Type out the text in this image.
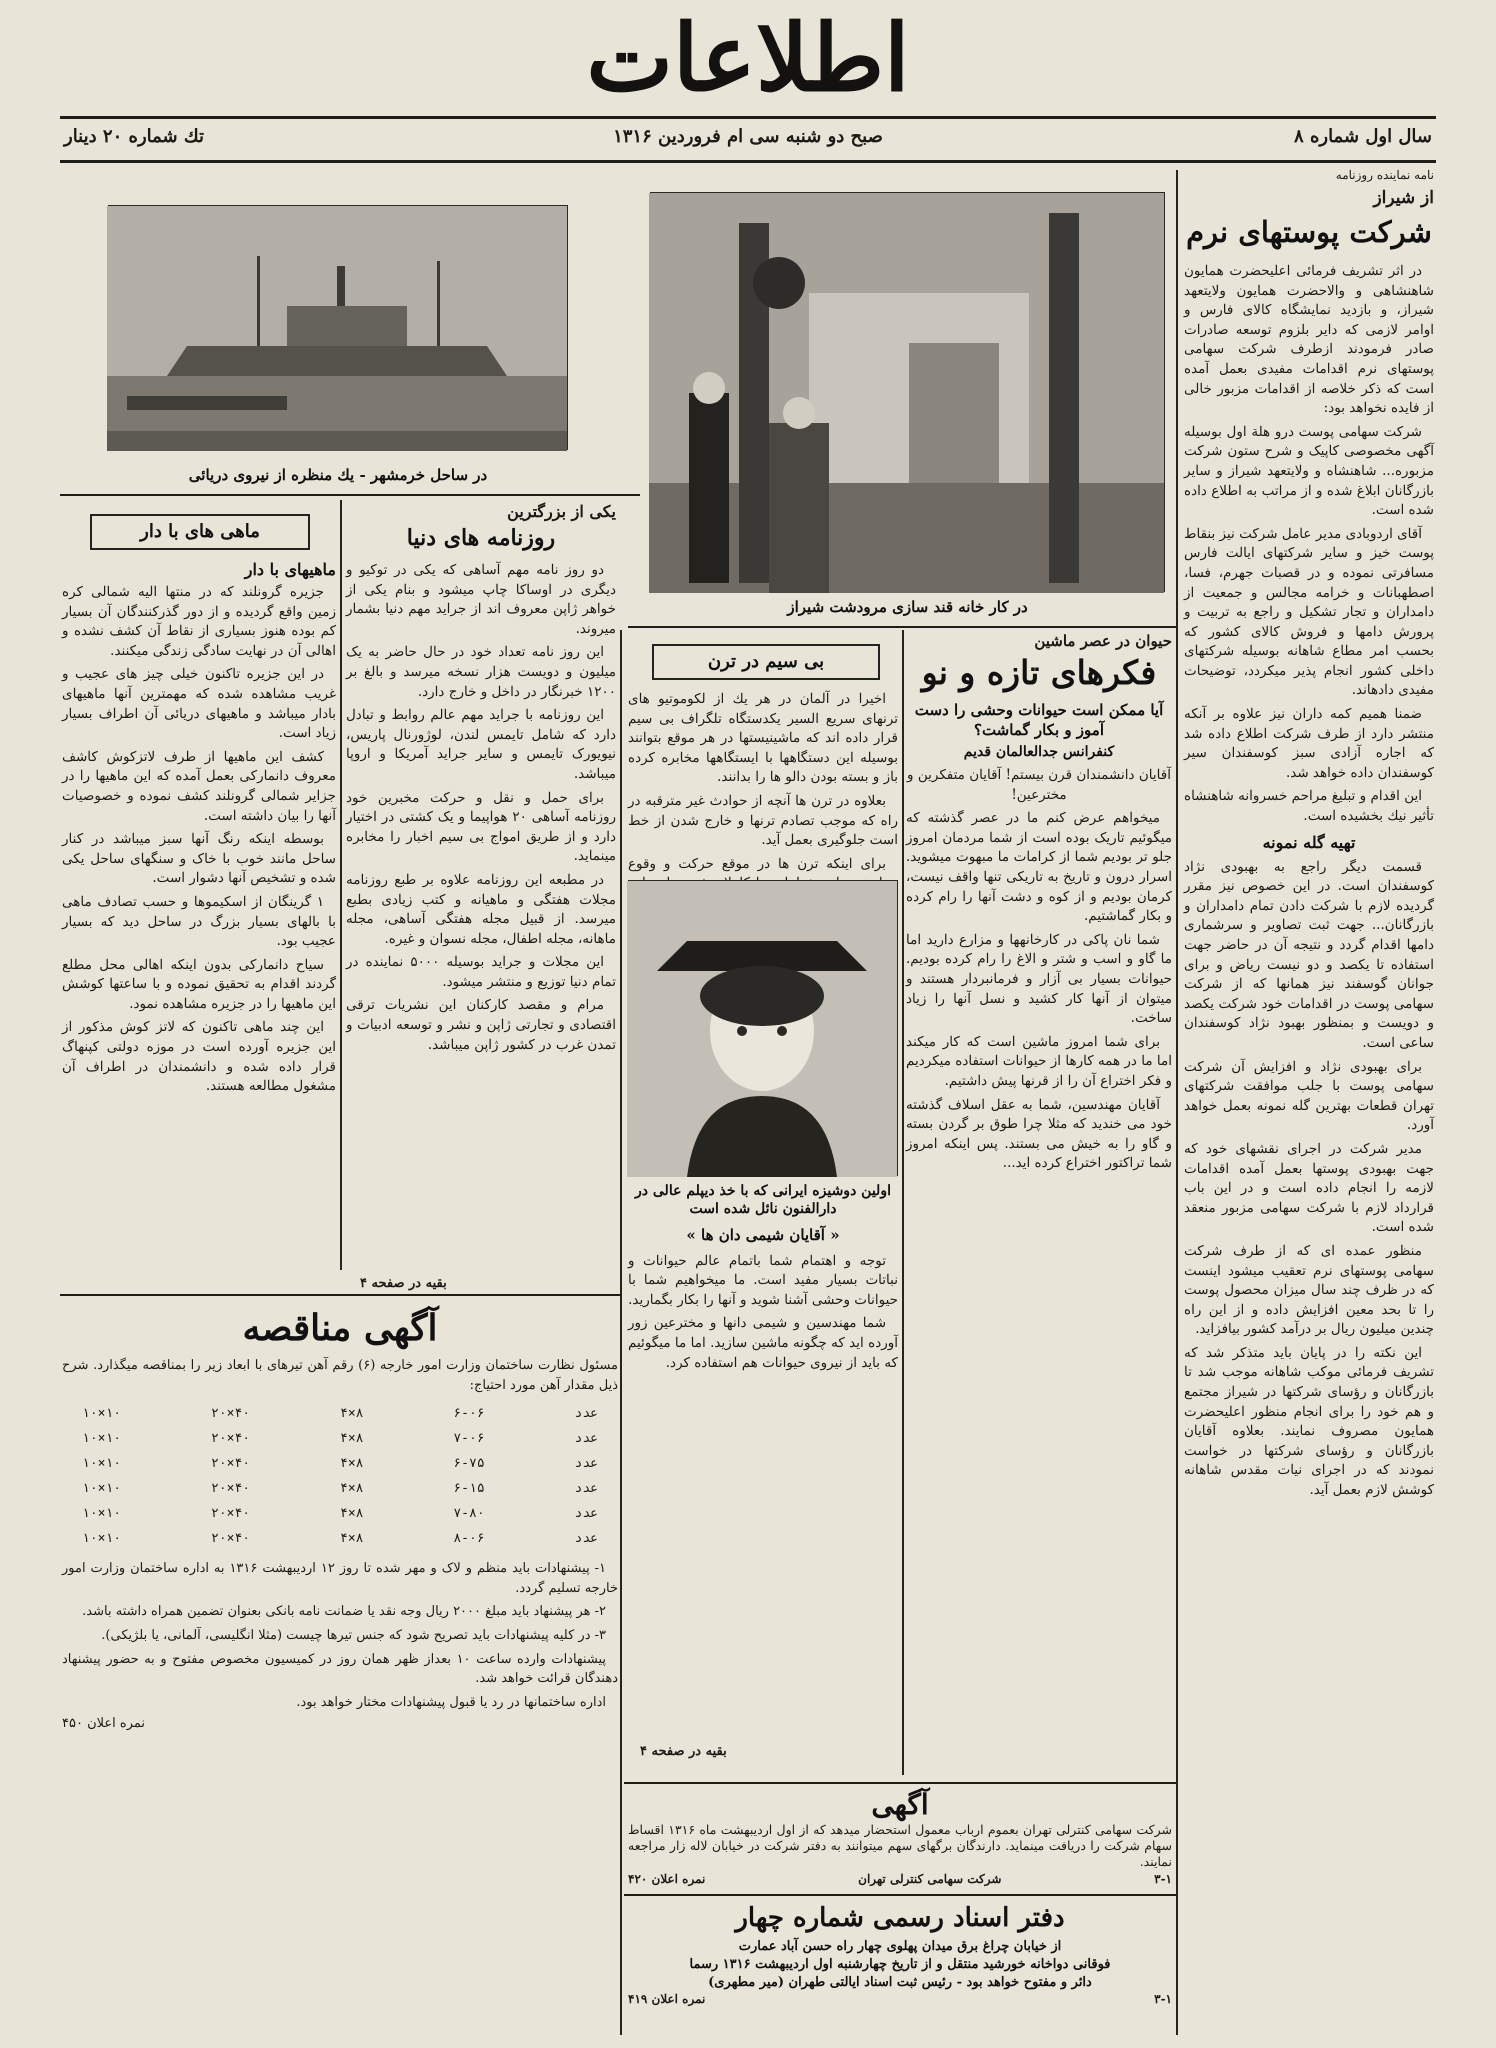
اطلاعات
سال اول شماره ۸
صبح دو شنبه سی ام فروردین ۱۳۱۶
تك شماره ۲۰ دینار
نامه نماینده روزنامه
از شیراز
شرکت پوستهای نرم

در اثر تشریف فرمائی اعلیحضرت همایون شاهنشاهی و والاحضرت همایون ولایتعهد شیراز، و بازدید نمایشگاه کالای فارس و اوامر لازمی که دایر بلزوم توسعه صادرات صادر فرمودند ازطرف شرکت سهامی پوستهای نرم اقدامات مفیدی بعمل آمده است که ذکر خلاصه از اقدامات مزبور خالی از فایده نخواهد بود:

شرکت سهامی پوست درو هلة اول بوسیله آگهی مخصوصی کاپیک و شرح ستون شرکت مزبوره... شاهنشاه و ولایتعهد شیراز و سایر بازرگانان ابلاغ شده و از مراتب به اطلاع داده شده است.

آقای اردوبادی مدیر عامل شرکت نیز بنقاط پوست خیز و سایر شرکتهای ایالت فارس مسافرتی نموده و در قصبات جهرم، فسا، اصطهبانات و خرامه مجالس و جمعیت از دامداران و تجار تشکیل و راجع به تربیت و پرورش دامها و فروش کالای کشور که بحسب امر مطاع شاهانه بوسیله شرکتهای داخلی کشور انجام پذیر میکردد، توضیحات مفیدی دادهاند.

ضمنا همیم کمه داران نیز علاوه بر آنکه منتشر دارد از طرف شرکت اطلاع داده شد که اجاره آزادی سبز کوسفندان سیر کوسفندان داده خواهد شد.

این اقدام و تبلیغ مراحم خسروانه شاهنشاه تأثیر نیك بخشیده است.

تهیه گله نمونه

قسمت دیگر راجع به بهبودی نژاد کوسفندان است. در این خصوص نیز مقرر گردیده لازم با شرکت دادن تمام دامداران و بازرگانان... جهت ثبت تصاویر و سرشماری دامها اقدام گردد و نتیجه آن در حاضر جهت استفاده تا یکصد و دو نیست ریاض و برای جوانان گوسفند نیز همانها که از شرکت سهامی پوست در اقدامات خود شرکت یکصد و دویست و بمنظور بهبود نژاد کوسفندان ساعی است.

برای بهبودی نژاد و افزایش آن شرکت سهامی پوست با جلب موافقت شرکتهای تهران قطعات بهترین گله نمونه بعمل خواهد آورد.

مدیر شرکت در اجرای نقشهای خود که جهت بهبودی پوستها بعمل آمده اقدامات لازمه را انجام داده است و در این باب قرارداد لازم با شرکت سهامی مزبور منعقد شده است.

منظور عمده ای که از طرف شرکت سهامی پوستهای نرم تعقیب میشود اینست که در ظرف چند سال میزان محصول پوست را تا بحد معین افزایش داده و از این راه چندین میلیون ریال بر درآمد کشور بیافزاید.

این نکته را در پایان باید متذکر شد که تشریف فرمائی موکب شاهانه موجب شد تا بازرگانان و رؤسای شرکتها در شیراز مجتمع و هم خود را برای انجام منظور اعلیحضرت همایون مصروف نمایند. بعلاوه آقایان بازرگانان و رؤسای شرکتها در خواست نمودند که در اجرای نیات مقدس شاهانه کوشش لازم بعمل آید.

در کار خانه قند سازی مرودشت شیراز
در ساحل خرمشهر - یك منظره از نیروی دریائی
حیوان در عصر ماشین
فکرهای تازه و نو
آیا ممکن است حیوانات وحشی را دست آموز و بکار گماشت؟
کنفرانس جدالعالمان قدیم
آقایان دانشمندان قرن بیستم! آقایان متفکرین و مخترعین!

میخواهم عرض کنم ما در عصر گذشته که میگوئیم تاریک بوده است از شما مردمان امروز جلو تر بودیم شما از کرامات ما مبهوت میشوید. اسرار درون و تاریخ به تاریکی تنها واقف نیست، کرمان بودیم و از کوه و دشت آنها را رام کرده و بکار گماشتیم.

شما نان پاکی در کارخانهها و مزارع دارید اما ما گاو و اسب و شتر و الاغ را رام کرده بودیم. حیوانات بسیار بی آزار و فرمانبردار هستند و میتوان از آنها کار کشید و نسل آنها را زیاد ساخت.

برای شما امروز ماشین است که کار میکند اما ما در همه کارها از حیوانات استفاده میکردیم و فکر اختراع آن را از قرنها پیش داشتیم.

آقایان مهندسین، شما به عقل اسلاف گذشته خود می خندید که مثلا چرا طوق بر گردن بسته و گاو را به خیش می بستند. پس اینکه امروز شما تراکتور اختراع کرده اید...

بی سیم در ترن

اخیرا در آلمان در هر یك از لکوموتیو های ترنهای سریع السیر یکدستگاه تلگراف بی سیم قرار داده اند که ماشینیستها در هر موقع بتوانند بوسیله این دستگاهها با ایستگاهها مخابره کرده باز و بسته بودن دالو ها را بدانند.

بعلاوه در ترن ها آنچه از حوادث غیر مترقبه در راه که موجب تصادم ترنها و خارج شدن از خط است جلوگیری بعمل آید.

برای اینکه ترن ها در موقع حرکت و وقوع

اولین دوشیزه ایرانی که با خذ دیپلم عالی در دارالفنون نائل شده است
« آقایان شیمی دان ها »

توجه و اهتمام شما باتمام عالم حیوانات و نباتات بسیار مفید است. ما میخواهیم شما با حیوانات وحشی آشنا شوید و آنها را بکار بگمارید.

شما مهندسین و شیمی دانها و مخترعین زور آورده اید که چگونه ماشین سازید. اما ما میگوئیم که باید از نیروی حیوانات هم استفاده کرد.

بقیه در صفحه ۴
یکی از بزرگترین
روزنامه های دنیا

دو روز نامه مهم آساهی که یکی در توکیو و دیگری در اوساکا چاپ میشود و بنام یکی از خواهر ژاپن معروف اند از جراید مهم دنیا بشمار میروند.

این روز نامه تعداد خود در حال حاضر به یک میلیون و دویست هزار نسخه میرسد و بالغ بر ۱۲۰۰ خبرنگار در داخل و خارج دارد.

این روزنامه با جراید مهم عالم روابط و تبادل دارد که شامل تایمس لندن، لوژورنال پاریس، نیویورک تایمس و سایر جراید آمریکا و اروپا میباشد.

برای حمل و نقل و حرکت مخبرین خود روزنامه آساهی ۲۰ هواپیما و یک کشتی در اختیار دارد و از طریق امواج بی سیم اخبار را مخابره مینماید.

در مطبعه این روزنامه علاوه بر طبع روزنامه مجلات هفتگی و ماهیانه و کتب زیادی بطبع میرسد. از قبیل مجله هفتگی آساهی، مجله ماهانه، مجله اطفال، مجله نسوان و غیره.

این مجلات و جراید بوسیله ۵۰۰۰ نماینده در تمام دنیا توزیع و منتشر میشود.

مرام و مقصد کارکنان این نشریات ترقی اقتصادی و تجارتی ژاپن و نشر و توسعه ادبیات و تمدن غرب در کشور ژاپن میباشد.

بقیه در صفحه ۴
ماهی های با دار
ماهیهای با دار

جزیره گرونلند که در منتها الیه شمالی کره زمین واقع گردیده و از دور گذرکنندگان آن بسیار کم بوده هنوز بسیاری از نقاط آن کشف نشده و اهالی آن در نهایت سادگی زندگی میکنند.

در این جزیره تاکنون خیلی چیز های عجیب و غریب مشاهده شده که مهمترین آنها ماهیهای بادار میباشد و ماهیهای دریائی آن اطراف بسیار زیاد است.

کشف این ماهیها از طرف لاتزکوش کاشف معروف دانمارکی بعمل آمده که این ماهیها را در جزایر شمالی گرونلند کشف نموده و خصوصیات آنها را بیان داشته است.

بوسطه اینکه رنگ آنها سبز میباشد در کنار ساحل مانند خوب با خاک و سنگهای ساحل یکی شده و تشخیص آنها دشوار است.

۱ گرینگان از اسکیموها و حسب تصادف ماهی با بالهای بسیار بزرگ در ساحل دید که بسیار عجیب بود.

سیاح دانمارکی بدون اینکه اهالی محل مطلع گردند اقدام به تحقیق نموده و با ساعتها کوشش این ماهیها را در جزیره مشاهده نمود.

این چند ماهی تاکنون که لاتز کوش مذکور از این جزیره آورده است در موزه دولتی کپنهاگ قرار داده شده و دانشمندان در اطراف آن مشغول مطالعه هستند.

آگهی مناقصه
مسئول نظارت ساختمان وزارت امور خارجه (۶) رقم آهن تیرهای با ابعاد زیر را بمناقصه میگذارد. شرح ذیل مقدار آهن مورد احتیاج:
عدد
۶-۰۶
۸×۴
۴۰×۲۰
۱۰×۱۰
عدد
۷-۰۶
۸×۴
۴۰×۲۰
۱۰×۱۰
عدد
۶-۷۵
۸×۴
۴۰×۲۰
۱۰×۱۰
عدد
۶-۱۵
۸×۴
۴۰×۲۰
۱۰×۱۰
عدد
۷-۸۰
۸×۴
۴۰×۲۰
۱۰×۱۰
عدد
۸-۰۶
۸×۴
۴۰×۲۰
۱۰×۱۰

۱- پیشنهادات باید منظم و لاک و مهر شده تا روز ۱۲ اردیبهشت ۱۳۱۶ به اداره ساختمان وزارت امور خارجه تسلیم گردد.

۲- هر پیشنهاد باید مبلغ ۲۰۰۰ ریال وجه نقد یا ضمانت نامه بانکی بعنوان تضمین همراه داشته باشد.

۳- در کلیه پیشنهادات باید تصریح شود که جنس تیرها چیست (مثلا انگلیسی، آلمانی، یا بلژیکی).

پیشنهادات وارده ساعت ۱۰ بعداز ظهر همان روز در کمیسیون مخصوص مفتوح و به حضور پیشنهاد دهندگان قرائت خواهد شد.

اداره ساختمانها در رد یا قبول پیشنهادات مختار خواهد بود.

نمره اعلان ۴۵۰
آگهی
شرکت سهامی کنترلی تهران بعموم ارباب معمول استحضار میدهد که از اول اردیبهشت ماه ۱۳۱۶ اقساط سهام شرکت را دریافت مینماید. دارندگان برگهای سهم میتوانند به دفتر شرکت در خیابان لاله زار مراجعه نمایند.
۳-۱
شرکت سهامی کنترلی تهران
نمره اعلان ۴۲۰
دفتر اسناد رسمی شماره چهار
از خیابان چراغ برق میدان پهلوی چهار راه حسن آباد عمارت
فوقانی دواخانه خورشید منتقل و از تاریخ چهارشنبه اول اردیبهشت ۱۳۱۶ رسما
دائر و مفتوح خواهد بود - رئیس ثبت اسناد ایالتی طهران (میر مطهری)
۳-۱
نمره اعلان ۴۱۹
